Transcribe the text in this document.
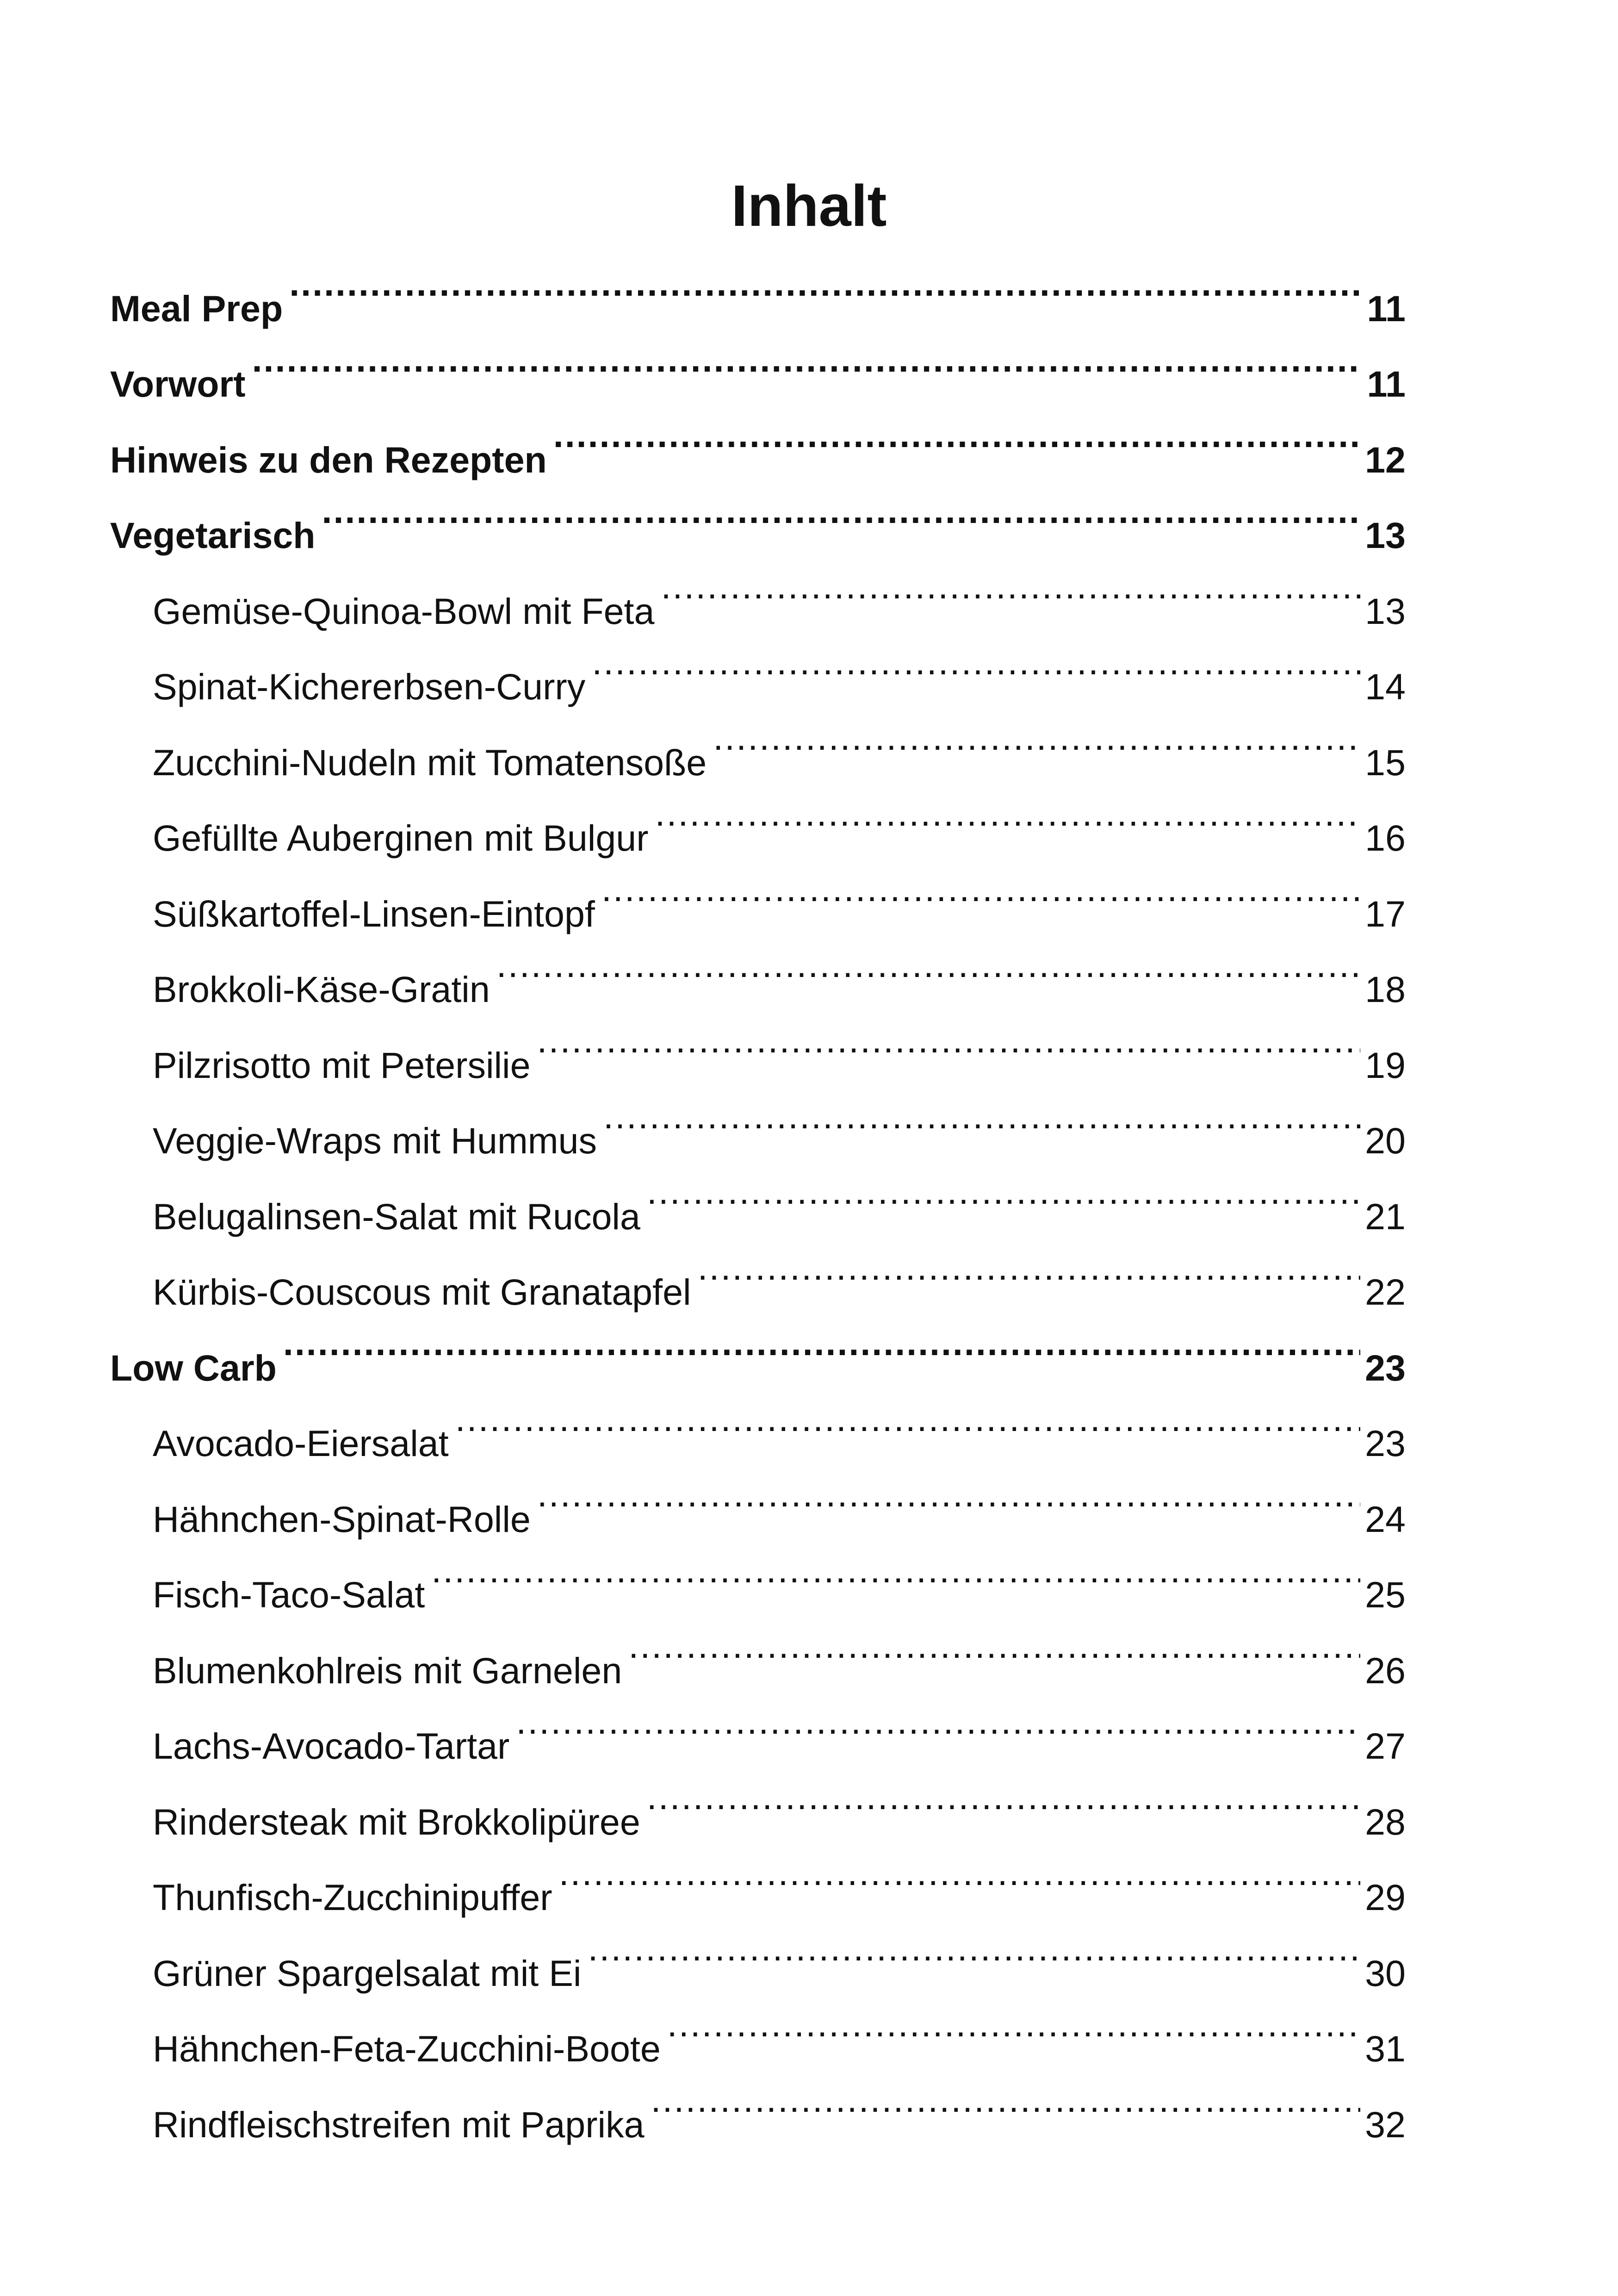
Inhalt
Meal Prep .....	11
Vorwort .....	11
Hinweis zu den Rezepten .....	12
Vegetarisch .....	13
Gemüse-Quinoa-Bowl mit Feta .....	13
Spinat-Kichererbsen-Curry .....	14
Zucchini-Nudeln mit Tomatensoße .....	15
Gefüllte Auberginen mit Bulgur .....	16
Süßkartoffel-Linsen-Eintopf .....	17
Brokkoli-Käse-Gratin .....	18
Pilzrisotto mit Petersilie .....	19
Veggie-Wraps mit Hummus .....	20
Belugalinsen-Salat mit Rucola .....	21
Kürbis-Couscous mit Granatapfel .....	22
Low Carb .....	23
Avocado-Eiersalat .....	23
Hähnchen-Spinat-Rolle .....	24
Fisch-Taco-Salat .....	25
Blumenkohlreis mit Garnelen .....	26
Lachs-Avocado-Tartar .....	27
Rindersteak mit Brokkolipüree .....	28
Thunfisch-Zucchinipuffer .....	29
Grüner Spargelsalat mit Ei .....	30
Hähnchen-Feta-Zucchini-Boote .....	31
Rindfleischstreifen mit Paprika .....	32
